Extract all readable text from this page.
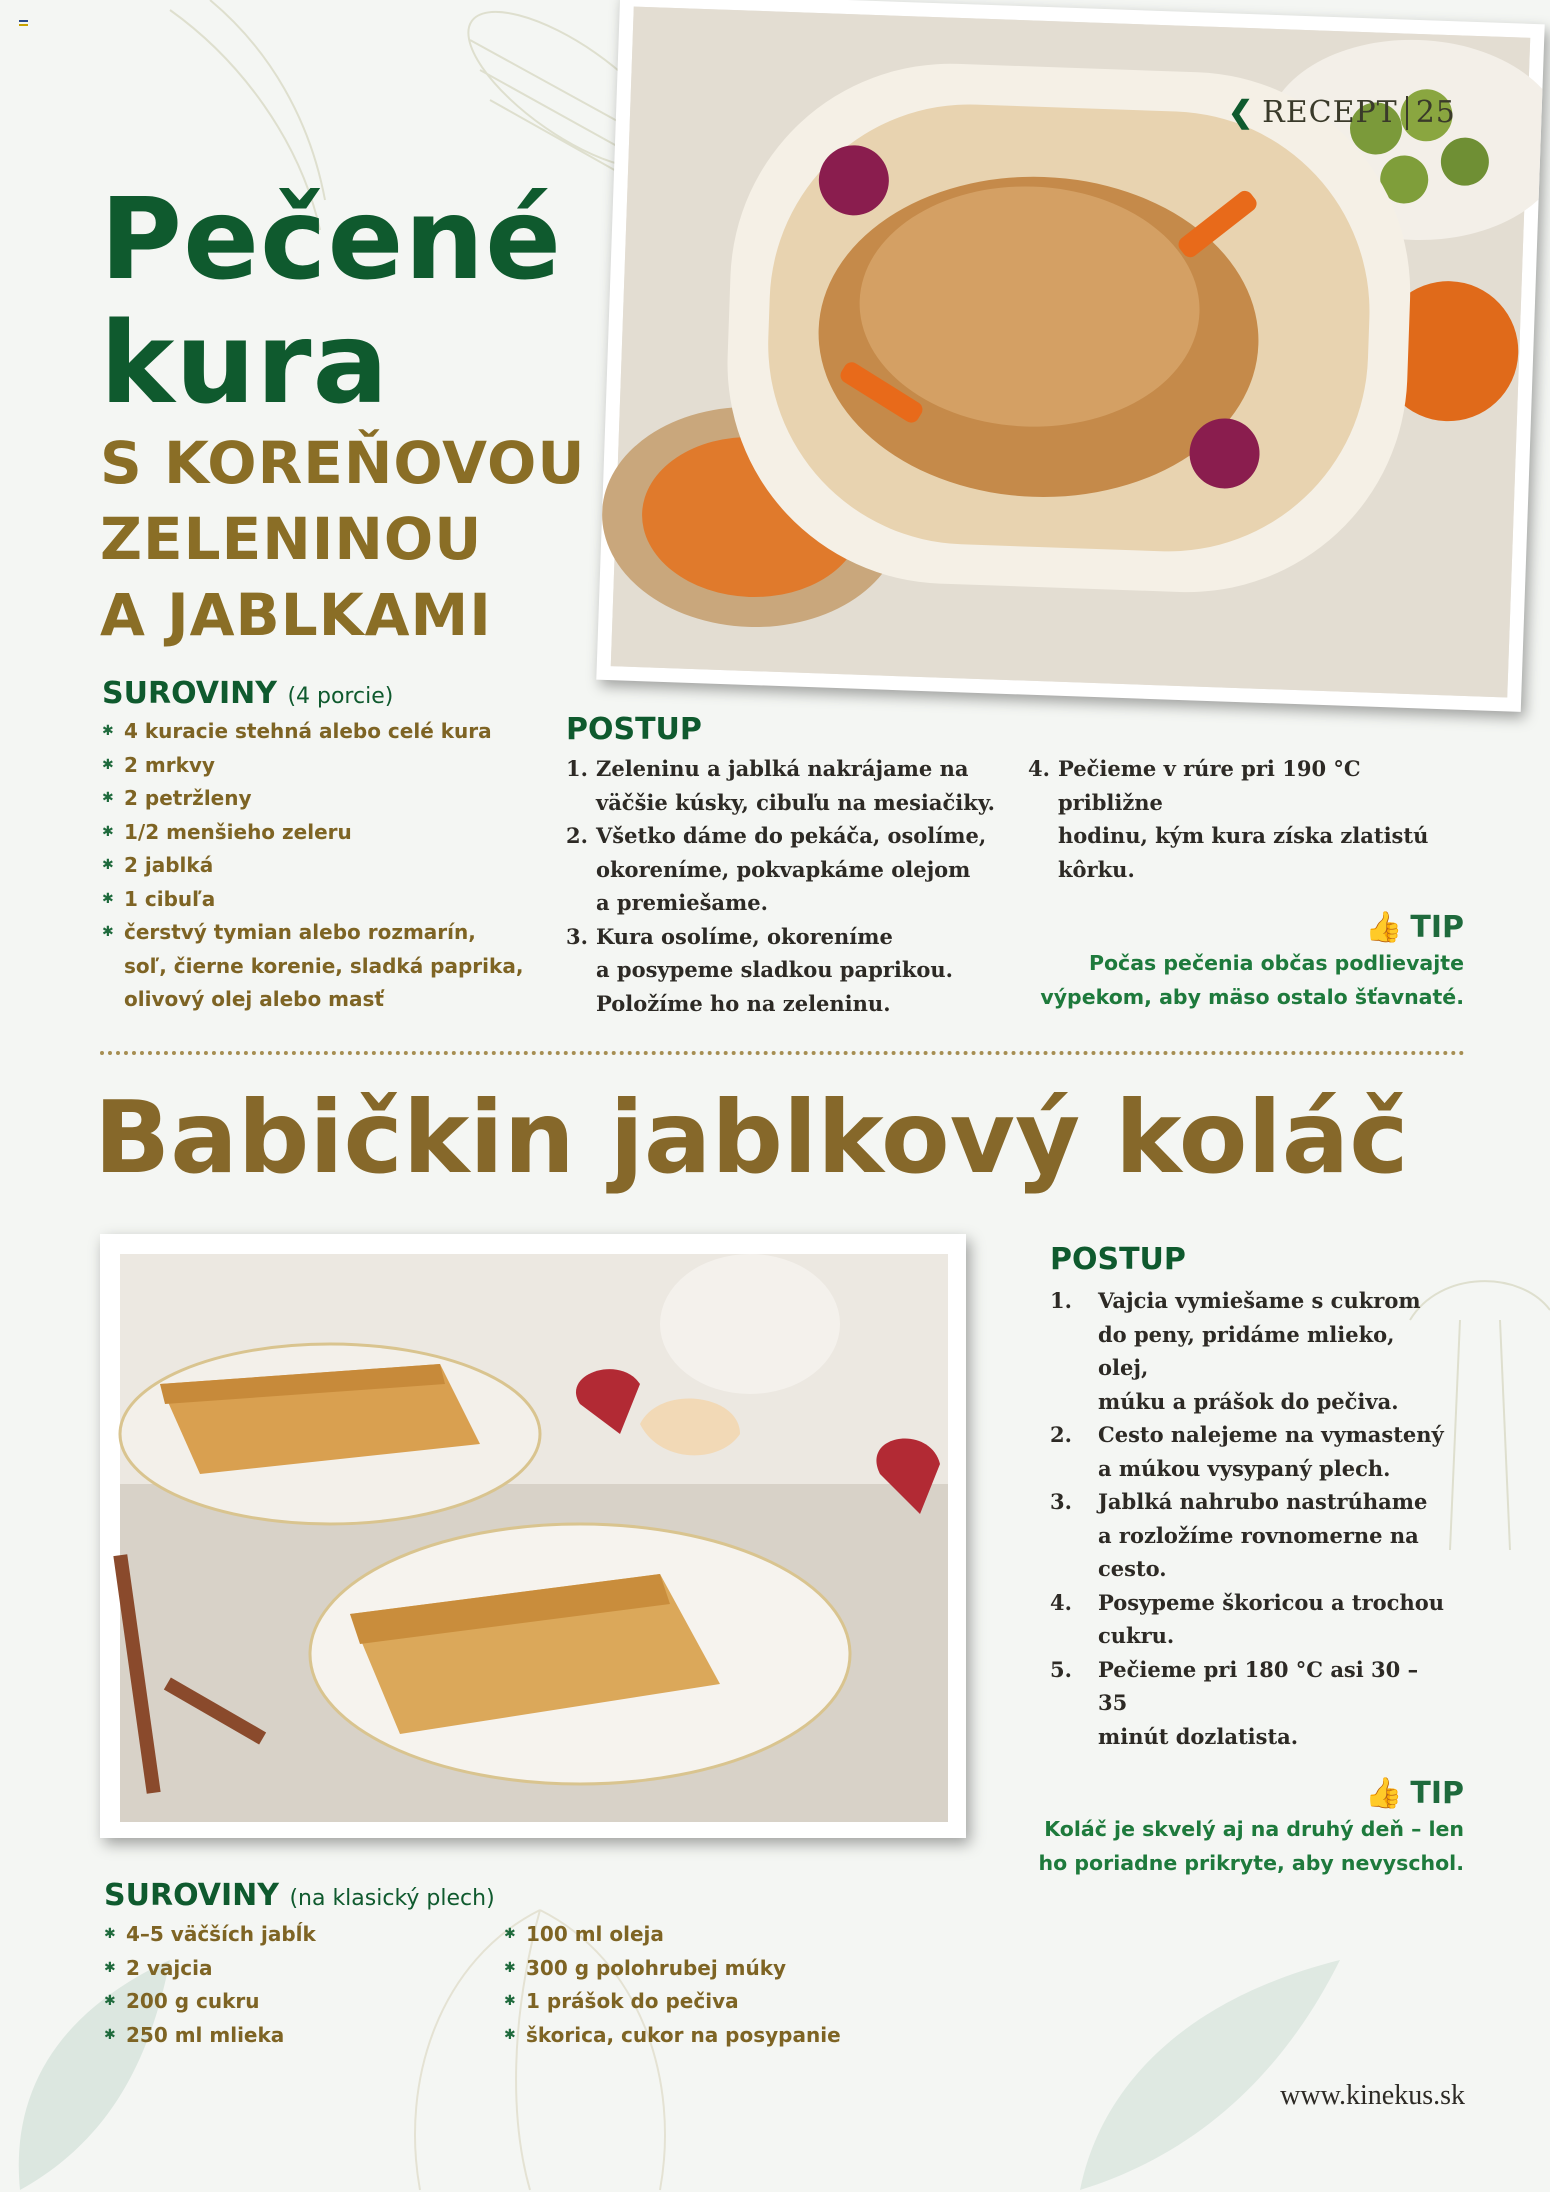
❮ RECEPT 25
Pečené
kura
S KOREŇOVOU
ZELENINOU
A JABLKAMI

SUROVINY (4 porcie)

✱ 4 kuracie stehná alebo celé kura
✱ 2 mrkvy
✱ 2 petržleny
✱ 1/2 menšieho zeleru
✱ 2 jablká
✱ 1 cibuľa
✱ čerstvý tymian alebo rozmarín,
soľ, čierne korenie, sladká paprika,
olivový olej alebo masť

POSTUP

1. Zeleninu a jablká nakrájame na
väčšie kúsky, cibuľu na mesiačiky.
2. Všetko dáme do pekáča, osolíme,
okoreníme, pokvapkáme olejom
a premiešame.
3. Kura osolíme, okoreníme
a posypeme sladkou paprikou.
Položíme ho na zeleninu.
4. Pečieme v rúre pri 190 °C približne
hodinu, kým kura získa zlatistú
kôrku.
👍 TIP
Počas pečenia občas podlievajte
výpekom, aby mäso ostalo šťavnaté.
Babičkin jablkový koláč

POSTUP

1. Vajcia vymiešame s cukrom
do peny, pridáme mlieko, olej,
múku a prášok do pečiva.
2. Cesto nalejeme na vymastený
a múkou vysypaný plech.
3. Jablká nahrubo nastrúhame
a rozložíme rovnomerne na
cesto.
4. Posypeme škoricou a trochou
cukru.
5. Pečieme pri 180 °C asi 30 – 35
minút dozlatista.
👍 TIP
Koláč je skvelý aj na druhý deň – len
ho poriadne prikryte, aby nevyschol.

SUROVINY (na klasický plech)

✱ 4–5 väčších jabĺk
✱ 2 vajcia
✱ 200 g cukru
✱ 250 ml mlieka
✱ 100 ml oleja
✱ 300 g polohrubej múky
✱ 1 prášok do pečiva
✱ škorica, cukor na posypanie
www.kinekus.sk
